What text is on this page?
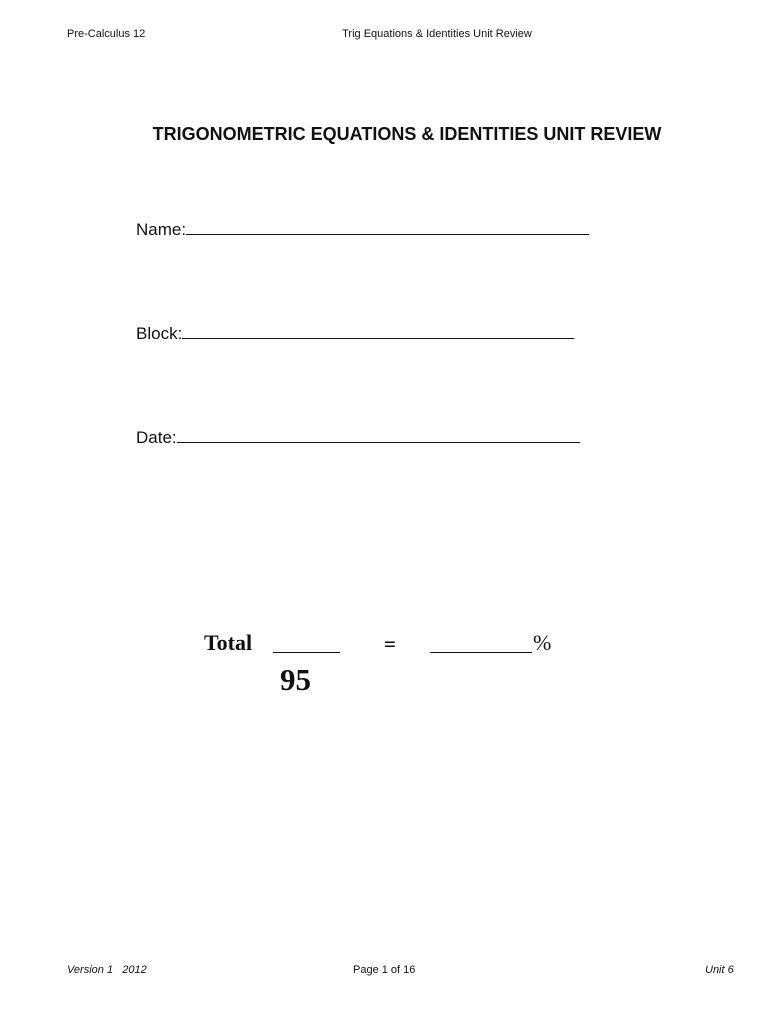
Pre-Calculus 12	Trig Equations & Identities Unit Review
TRIGONOMETRIC EQUATIONS & IDENTITIES UNIT REVIEW
Name:
Block:
Date:
Total	=	%
95
Version 1   2012	Page 1 of 16	Unit 6
